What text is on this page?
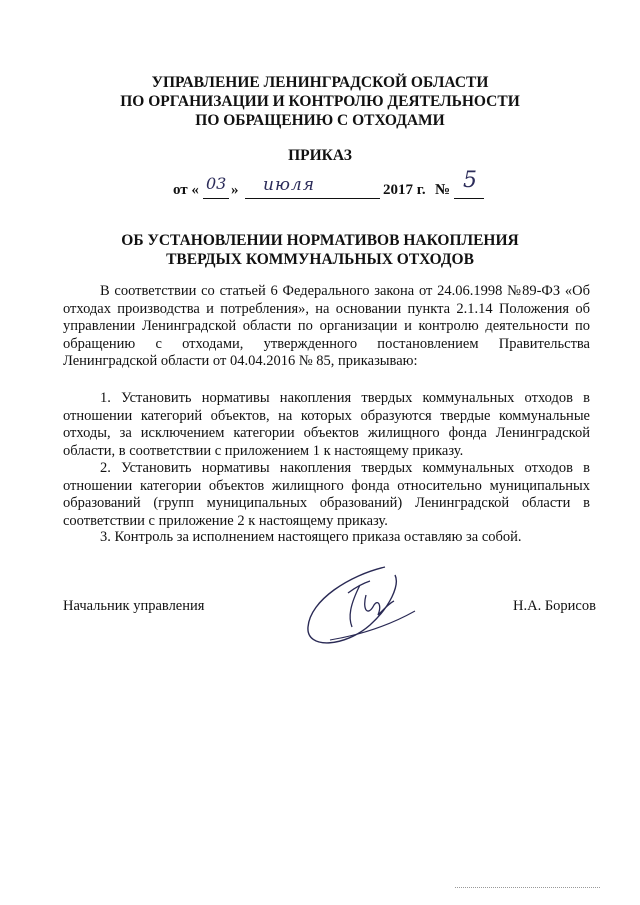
УПРАВЛЕНИЕ ЛЕНИНГРАДСКОЙ ОБЛАСТИ
ПО ОРГАНИЗАЦИИ И КОНТРОЛЮ ДЕЯТЕЛЬНОСТИ
ПО ОБРАЩЕНИЮ С ОТХОДАМИ
ПРИКАЗ
от « 03 » июля	2017 г. № 5
ОБ УСТАНОВЛЕНИИ НОРМАТИВОВ НАКОПЛЕНИЯ
ТВЕРДЫХ КОММУНАЛЬНЫХ ОТХОДОВ
В соответствии со статьей 6 Федерального закона от 24.06.1998 №89-ФЗ «Об отходах производства и потребления», на основании пункта 2.1.14 Положения об управлении Ленинградской области по организации и контролю деятельности по обращению с отходами, утвержденного постановлением Правительства Ленинградской области от 04.04.2016 № 85, приказываю:
1. Установить нормативы накопления твердых коммунальных отходов в отношении категорий объектов, на которых образуются твердые коммунальные отходы, за исключением категории объектов жилищного фонда Ленинградской области, в соответствии с приложением 1 к настоящему приказу.
2. Установить нормативы накопления твердых коммунальных отходов в отношении категории объектов жилищного фонда относительно муниципальных образований (групп муниципальных образований) Ленинградской области в соответствии с приложение 2 к настоящему приказу.
3. Контроль за исполнением настоящего приказа оставляю за собой.
Начальник управления	Н.А. Борисов
